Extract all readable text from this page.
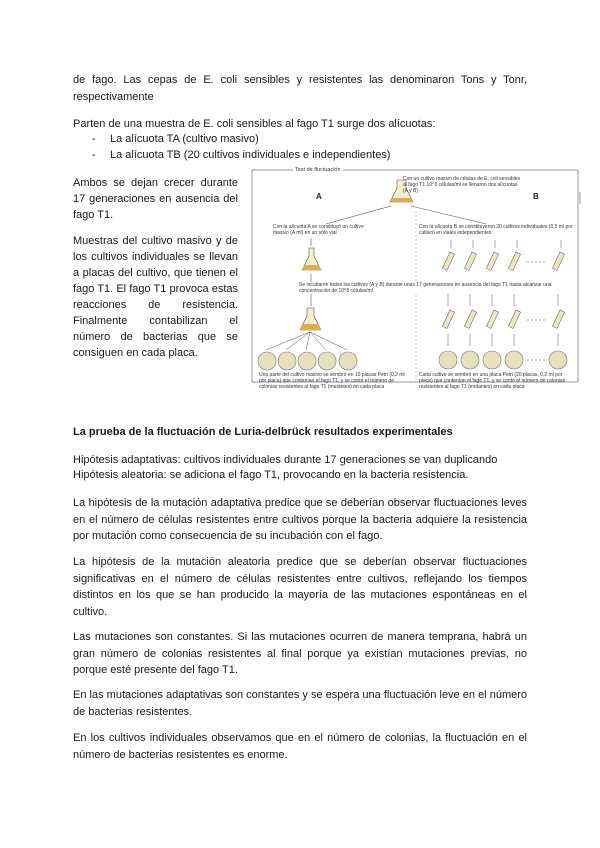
de fago. Las cepas de E. coli sensibles y resistentes las denominaron Tons y Tonr, respectivamente

Parten de una muestra de E. coli sensibles al fago T1 surge dos alícuotas:

- La alícuota TA (cultivo masivo)

- La alícuota TB (20 cultivos individuales e independientes)

Ambos se dejan crecer durante 17 generaciones en ausencia del fago T1.

Muestras del cultivo masivo y de los cultivos individuales se llevan a placas del cultivo, que tienen el fago T1. El fago T1 provoca estas reacciones de resistencia. Finalmente contabilizan el número de bacterias que se consiguen en cada placa.

Test de fluctuación

A	B

Con un cultivo masivo de células de E. coli sensibles al fago T1 10^3 células/ml se llenaron dos alícuotas (A y B)

Con la alícuota A se constituyó un cultivo masivo (A ml) en un sólo vial

Con la alícuota B se constituyeron 20 cultivos individuales (0,5 ml por cultivo) en viales independientes

Se incubaron todos los cultivos (A y B) durante unas 17 generaciones en ausencia del fago T1 hasta alcanzar una concentración de 10^8 células/ml

Una parte del cultivo masivo se sembró en 10 placas Petri (0,2 ml por placa) que contenían el fago T1, y se contó el número de colonias resistentes al fago T1 (mutantes) en cada placa

Cada cultivo se sembró en una placa Petri (20 placas, 0,2 ml por placa) que contenían el fago T1, y se contó el número de colonias resistentes al fago T1 (mutantes) en cada placa

La prueba de la fluctuación de Luria-delbrück resultados experimentales

Hipótesis adaptativas: cultivos individuales durante 17 generaciones se van duplicando

Hipótesis aleatoria: se adiciona el fago T1, provocando en la bacteria resistencia.

La hipótesis de la mutación adaptativa predice que se deberían observar fluctuaciones leves en el número de células resistentes entre cultivos porque la bacteria adquiere la resistencia por mutación como consecuencia de su incubación con el fago.

La hipótesis de la mutación aleatoria predice que se deberían observar fluctuaciones significativas en el número de células resistentes entre cultivos, reflejando los tiempos distintos en los que se han producido la mayoría de las mutaciones espontáneas en el cultivo.

Las mutaciones son constantes. Si las mutaciones ocurren de manera temprana, habrá un gran número de colonias resistentes al final porque ya existían mutaciones previas, no porque esté presente del fago T1.

En las mutaciones adaptativas son constantes y se espera una fluctuación leve en el número de bacterias resistentes.

En los cultivos individuales observamos que en el número de colonias, la fluctuación en el número de bacterias resistentes es enorme.
